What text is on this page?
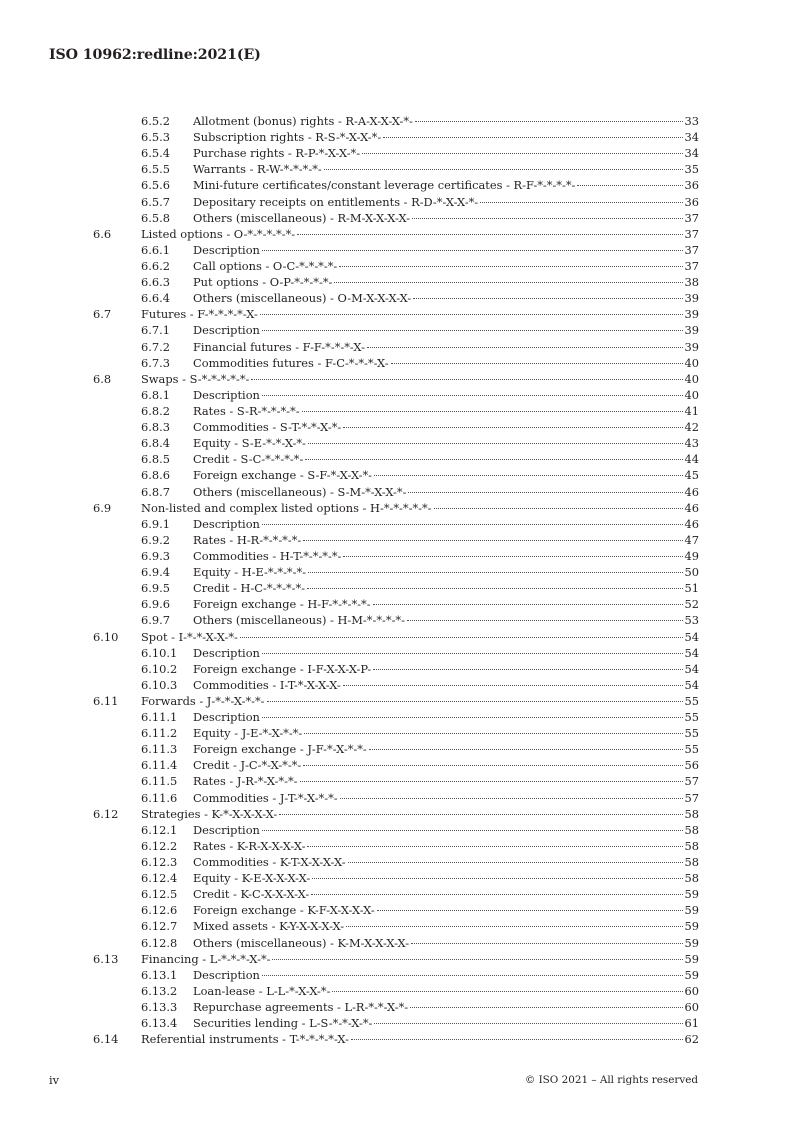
ISO 10962:redline:2021(E)
6.5.2 Allotment (bonus) rights - R-A-X-X-X-*-	33
6.5.3 Subscription rights - R-S-*-X-X-*-	34
6.5.4 Purchase rights - R-P-*-X-X-*-	34
6.5.5 Warrants - R-W-*-*-*-*-	35
6.5.6 Mini-future certificates/constant leverage certificates - R-F-*-*-*-*-	36
6.5.7 Depositary receipts on entitlements - R-D-*-X-X-*-	36
6.5.8 Others (miscellaneous) - R-M-X-X-X-X-	37
6.6	Listed options - O-*-*-*-*-*-	37
6.6.1 Description	37
6.6.2 Call options - O-C-*-*-*-*-	37
6.6.3 Put options - O-P-*-*-*-*-	38
6.6.4 Others (miscellaneous) - O-M-X-X-X-X-	39
6.7	Futures - F-*-*-*-*-X-	39
6.7.1 Description	39
6.7.2 Financial futures - F-F-*-*-*-X-	39
6.7.3 Commodities futures - F-C-*-*-*-X-	40
6.8	Swaps - S-*-*-*-*-*-	40
6.8.1 Description	40
6.8.2 Rates - S-R-*-*-*-*-	41
6.8.3 Commodities - S-T-*-*-X-*-	42
6.8.4 Equity - S-E-*-*-X-*-	43
6.8.5 Credit - S-C-*-*-*-*-	44
6.8.6 Foreign exchange - S-F-*-X-X-*-	45
6.8.7 Others (miscellaneous) - S-M-*-X-X-*-	46
6.9	Non-listed and complex listed options - H-*-*-*-*-*-	46
6.9.1 Description	46
6.9.2 Rates - H-R-*-*-*-*-	47
6.9.3 Commodities - H-T-*-*-*-*-	49
6.9.4 Equity - H-E-*-*-*-*-	50
6.9.5 Credit - H-C-*-*-*-*-	51
6.9.6 Foreign exchange - H-F-*-*-*-*-	52
6.9.7 Others (miscellaneous) - H-M-*-*-*-*-	53
6.10 Spot - I-*-*-X-X-*-	54
6.10.1 Description	54
6.10.2 Foreign exchange - I-F-X-X-X-P-	54
6.10.3 Commodities - I-T-*-X-X-X-	54
6.11 Forwards - J-*-*-X-*-*-	55
6.11.1 Description	55
6.11.2 Equity - J-E-*-X-*-*-	55
6.11.3 Foreign exchange - J-F-*-X-*-*-	55
6.11.4 Credit - J-C-*-X-*-*-	56
6.11.5 Rates - J-R-*-X-*-*-	57
6.11.6 Commodities - J-T-*-X-*-*-	57
6.12 Strategies - K-*-X-X-X-X-	58
6.12.1 Description	58
6.12.2 Rates - K-R-X-X-X-X-	58
6.12.3 Commodities - K-T-X-X-X-X-	58
6.12.4 Equity - K-E-X-X-X-X-	58
6.12.5 Credit - K-C-X-X-X-X-	59
6.12.6 Foreign exchange - K-F-X-X-X-X-	59
6.12.7 Mixed assets - K-Y-X-X-X-X-	59
6.12.8 Others (miscellaneous) - K-M-X-X-X-X-	59
6.13 Financing - L-*-*-*-X-*-	59
6.13.1 Description	59
6.13.2 Loan-lease - L-L-*-X-X-*-	60
6.13.3 Repurchase agreements - L-R-*-*-X-*-	60
6.13.4 Securities lending - L-S-*-*-X-*-	61
6.14 Referential instruments - T-*-*-*-*-X-	62
iv	© ISO 2021 – All rights reserved
